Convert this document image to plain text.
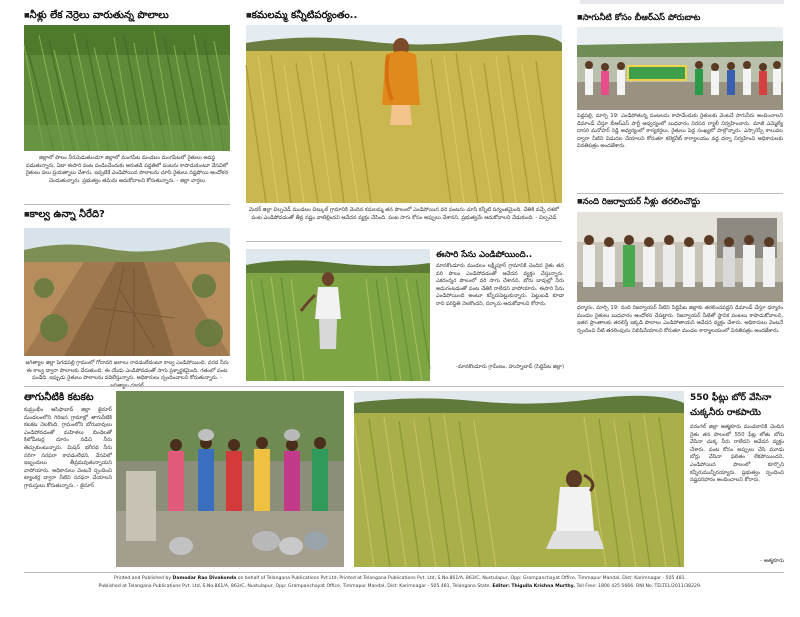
■ నీళ్లు లేక నెర్రెలు వారుతున్న పొలాలు
జిల్లాలో పొలం నీరుపెడుతుండగా జిల్లాలో మంగపేట మండలం మంగపేటలో రైతులు అవస్థ పడుతున్నారు. ఏటా ఈసారి పంట పండించేందుకు ఆరుతడి పద్ధతిలో పంటను కాపాడుకుంటూ వేసవిలో రైతులు పలు ప్రయత్నాలు చేశారు. ఇప్పటికే ఎండిపోయిన పొలాలను చూసి రైతులు నష్టపోయి ఆందోళన చెందుతున్నారు. ప్రభుత్వం తమను ఆదుకోవాలని కోరుతున్నారు. - జిల్లా వార్తలు
■ కాల్వ ఉన్నా నీరేది?
జగిత్యాల జిల్లా పెగడపల్లి గ్రామంలో గోదావరి జలాలు రావడంలేదంటూ కాల్వ ఎండిపోయింది. వరద నీరు ఈ కాల్వ ద్వారా పొలాలకు చేరుతుంది. ఈ యేడు ఎండిపోవడంతో సాగు ప్రశ్నార్థకమైంది. గతంలో పంట పండేది. ఇప్పుడు రైతులు పొలాలను వదిలేస్తున్నారు. అధికారులు స్పందించాలని కోరుతున్నారు. -
■ కమలమ్మ కన్నీటిపర్యంతం..
మెదక్ జిల్లా చిల్పచెడ్ మండలం చిట్కుల్ గ్రామానికి చెందిన కమలమ్మ తన పొలంలో ఎండిపోయిన వరి పంటను చూసి కన్నీటి పర్యంతమైంది. చేతికి వచ్చే దశలో పంట ఎండిపోవడంతో తీవ్ర నష్టం వాటిల్లిందని ఆవేదన వ్యక్తం చేసింది. పంట సాగు కోసం అప్పులు చేశానని, ప్రభుత్వమే ఆదుకోవాలని వేడుకుంది. - చిల్పచెడ్
ఈసారి సేను ఎండిపోయింది..
మానకొండూరు మండలం లక్ష్మీపూర్ గ్రామానికి చెందిన రైతు తన వరి పొలం ఎండిపోవడంతో ఆవేదన వ్యక్తం చేస్తున్నారు. ఎకరంన్నర పొలంలో వరి సాగు చేశానని, బోరు బావుల్లో నీరు అడుగంటడంతో పంట చేతికి రాలేదని వాపోయారు. ఈసారి సేను ఎండిపోయింది అంటూ కన్నీరుపెట్టుకున్నారు. పెట్టుబడి కూడా రాని పరిస్థితి నెలకొందని, సర్కారు ఆదుకోవాలని కోరారు.
-మానకొండూరు గ్రామీణం, హుస్నాబాద్ (సిద్దిపేట జిల్లా)
■ సాగునీటి కోసం బీఆర్ఎస్ పోరుబాట
పెద్దపల్లి, మార్చి 19: ఎండిపోతున్న పంటలను కాపాడేందుకు రైతులకు వెంటనే సాగునీరు అందించాలని డిమాండ్ చేస్తూ బీఆర్ఎస్ పార్టీ ఆధ్వర్యంలో బుధవారం నిరసన ర్యాలీ నిర్వహించారు. మాజీ ఎమ్మెల్యే దాసరి మనోహర్ రెడ్డి ఆధ్వర్యంలో కార్యకర్తలు, రైతులు పెద్ద సంఖ్యలో పాల్గొన్నారు. ఎస్సారెస్పీ కాలువల ద్వారా నీటిని విడుదల చేయాలని కోరుతూ కలెక్టరేట్ కార్యాలయం వద్ద ధర్నా నిర్వహించి అధికారులకు వినతిపత్రం అందజేశారు.
■ నంది రిజర్వాయర్ నీళ్లు తరలించొద్దు
ధర్మారం, మార్చి 19: నంది రిజర్వాయర్ నీటిని సిద్దిపేట జిల్లాకు తరలించవద్దని డిమాండ్ చేస్తూ ధర్మారం మండల రైతులు బుధవారం ఆందోళన చేపట్టారు. రిజర్వాయర్ నీటితో స్థానిక పంటలు కాపాడుకోవాలని, ఇతర ప్రాంతాలకు తరలిస్తే ఇక్కడి పొలాలు ఎండిపోతాయని ఆవేదన వ్యక్తం చేశారు. అధికారులు వెంటనే స్పందించి నీటి తరలింపును నిలిపివేయాలని కోరుతూ మండల కార్యాలయంలో వినతిపత్రం అందజేశారు.
తాగునీటికి కటకట
కుమ్రంభీం ఆసిఫాబాద్ జిల్లా జైనూర్ మండలంలోని గిరిజన గ్రామాల్లో తాగునీటికి కటకట నెలకొంది. గ్రామంలోని బోరుబావులు ఎండిపోవడంతో మహిళలు బిందెలతో కిలోమీటర్ల దూరం నడిచి నీరు తెచ్చుకుంటున్నారు. మిషన్ భగీరథ నీరు సరిగా సరఫరా కావడంలేదని, వేసవిలో ఇబ్బందులు తీవ్రమవుతున్నాయని వాపోయారు. అధికారులు వెంటనే స్పందించి ట్యాంకర్ల ద్వారా నీటిని సరఫరా చేయాలని గ్రామస్తులు కోరుతున్నారు. - జైనూర్
550 ఫీట్లు బోర్ వేసినా
చుక్కనీరు రాకపాయె
వరంగల్ జిల్లా ఆత్మకూరు మండలానికి చెందిన రైతు తన పొలంలో 550 ఫీట్ల లోతు బోరు వేసినా చుక్క నీరు రాలేదని ఆవేదన వ్యక్తం చేశారు. పంట కోసం అప్పులు చేసి మూడు బోర్లు వేసినా ఫలితం లేకపోయిందని, ఎండిపోయిన పొలంలో కూర్చొని కన్నీరుమున్నీరయ్యారు. ప్రభుత్వం స్పందించి నష్టపరిహారం అందించాలని కోరారు.
- ఆత్మకూరు
Printed and Published by Damodar Rao Divakonda on behalf of Telangana Publications Pvt Ltd, Printed at Telangana Publications Pvt. Ltd, S.No.861/A, 863/C, Nustulapur, Opp: Grampanchayat Office, Timmapur Mandal, Dist: Karimnagar - 505 481.
Published at Telangana Publications Pvt. Ltd, S.No.861/A, 863/C, Nustulapur, Opp: Grampanchayat Office, Timmapur Mandal, Dist: Karimnagar - 505 481, Telangana State. Editor: Thigulla Krishna Murthy. Toll Free: 1800 425 5666. RNI No. TELTEL/2011/38229.
